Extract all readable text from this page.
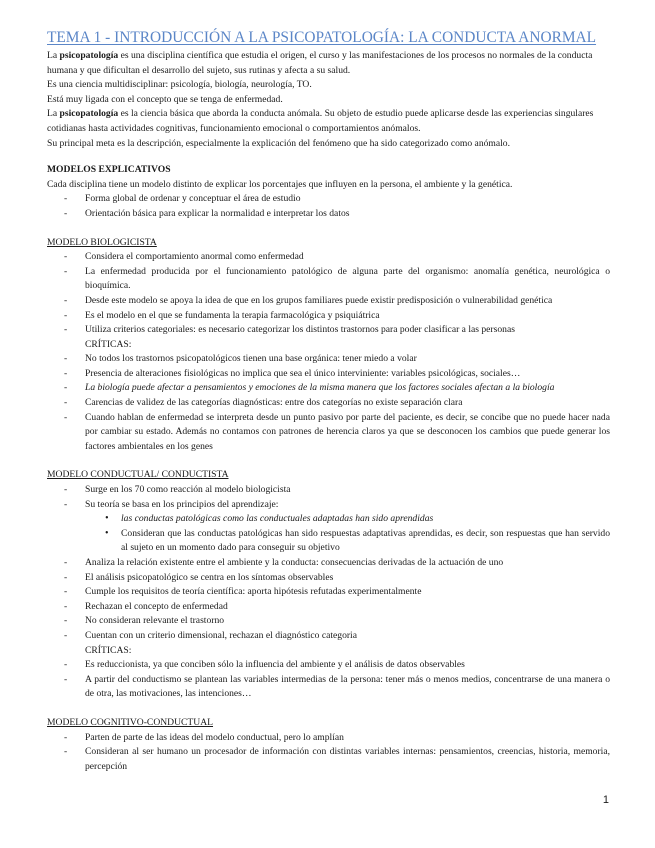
TEMA 1 - INTRODUCCIÓN A LA PSICOPATOLOGÍA: LA CONDUCTA ANORMAL

La psicopatología es una disciplina científica que estudia el origen, el curso y las manifestaciones de los procesos no normales de la conducta humana y que dificultan el desarrollo del sujeto, sus rutinas y afecta a su salud.

Es una ciencia multidisciplinar: psicología, biología, neurología, TO.

Está muy ligada con el concepto que se tenga de enfermedad.

La psicopatología es la ciencia básica que aborda la conducta anómala. Su objeto de estudio puede aplicarse desde las experiencias singulares cotidianas hasta actividades cognitivas, funcionamiento emocional o comportamientos anómalos.

Su principal meta es la descripción, especialmente la explicación del fenómeno que ha sido categorizado como anómalo.

MODELOS EXPLICATIVOS

Cada disciplina tiene un modelo distinto de explicar los porcentajes que influyen en la persona, el ambiente y la genética.

- Forma global de ordenar y conceptuar el área de estudio
- Orientación básica para explicar la normalidad e interpretar los datos

MODELO BIOLOGICISTA

- Considera el comportamiento anormal como enfermedad
- La enfermedad producida por el funcionamiento patológico de alguna parte del organismo: anomalía genética, neurológica o bioquímica.
- Desde este modelo se apoya la idea de que en los grupos familiares puede existir predisposición o vulnerabilidad genética
- Es el modelo en el que se fundamenta la terapia farmacológica y psiquiátrica
- Utiliza criterios categoriales: es necesario categorizar los distintos trastornos para poder clasificar a las personas

CRÍTICAS:

- No todos los trastornos psicopatológicos tienen una base orgánica: tener miedo a volar
- Presencia de alteraciones fisiológicas no implica que sea el único interviniente: variables psicológicas, sociales…
- La biología puede afectar a pensamientos y emociones de la misma manera que los factores sociales afectan a la biología
- Carencias de validez de las categorías diagnósticas: entre dos categorías no existe separación clara
- Cuando hablan de enfermedad se interpreta desde un punto pasivo por parte del paciente, es decir, se concibe que no puede hacer nada por cambiar su estado. Además no contamos con patrones de herencia claros ya que se desconocen los cambios que puede generar los factores ambientales en los genes

MODELO CONDUCTUAL/ CONDUCTISTA

- Surge en los 70 como reacción al modelo biologicista
- Su teoría se basa en los principios del aprendizaje:
• las conductas patológicas como las conductuales adaptadas han sido aprendidas
• Consideran que las conductas patológicas han sido respuestas adaptativas aprendidas, es decir, son respuestas que han servido al sujeto en un momento dado para conseguir su objetivo
- Analiza la relación existente entre el ambiente y la conducta: consecuencias derivadas de la actuación de uno
- El análisis psicopatológico se centra en los síntomas observables
- Cumple los requisitos de teoría científica: aporta hipótesis refutadas experimentalmente
- Rechazan el concepto de enfermedad
- No consideran relevante el trastorno
- Cuentan con un criterio dimensional, rechazan el diagnóstico categoria

CRÍTICAS:

- Es reduccionista, ya que conciben sólo la influencia del ambiente y el análisis de datos observables
- A partir del conductismo se plantean las variables intermedias de la persona: tener más o menos medios, concentrarse de una manera o de otra, las motivaciones, las intenciones…

MODELO COGNITIVO-CONDUCTUAL

- Parten de parte de las ideas del modelo conductual, pero lo amplían
- Consideran al ser humano un procesador de información con distintas variables internas: pensamientos, creencias, historia, memoria, percepción
1
